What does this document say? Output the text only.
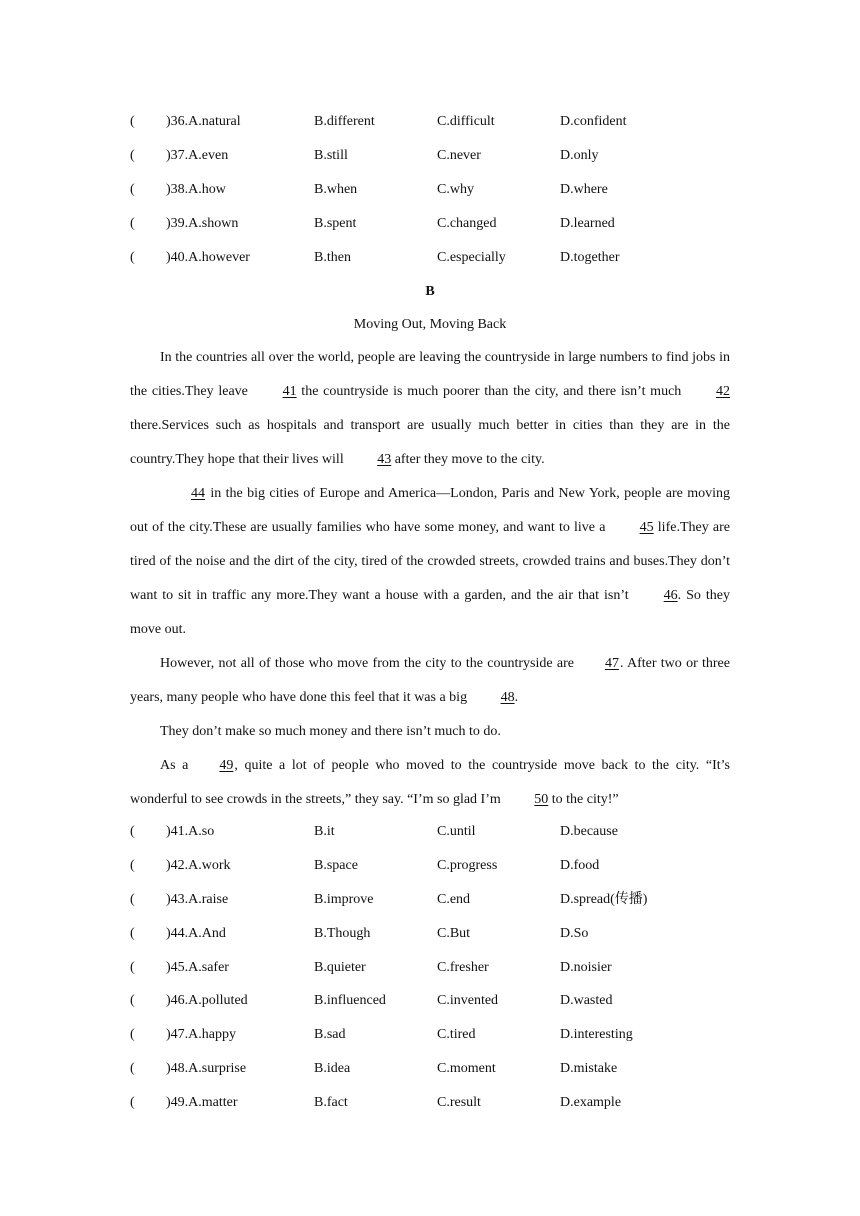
( )36.A.natural	B.different	C.difficult	D.confident
( )37.A.even	B.still	C.never	D.only
( )38.A.how	B.when	C.why	D.where
( )39.A.shown	B.spent	C.changed	D.learned
( )40.A.however	B.then	C.especially	D.together
B
Moving Out, Moving Back

In the countries all over the world, people are leaving the countryside in large numbers to find jobs in the cities.They leave 41 the countryside is much poorer than the city, and there isn’t much 42 there.Services such as hospitals and transport are usually much better in cities than they are in the country.They hope that their lives will 43 after they move to the city.

44 in the big cities of Europe and America—London, Paris and New York, people are moving out of the city.These are usually families who have some money, and want to live a 45 life.They are tired of the noise and the dirt of the city, tired of the crowded streets, crowded trains and buses.They don’t want to sit in traffic any more.They want a house with a garden, and the air that isn’t 46. So they move out.

However, not all of those who move from the city to the countryside are 47. After two or three years, many people who have done this feel that it was a big 48.

They don’t make so much money and there isn’t much to do.

As a 49, quite a lot of people who moved to the countryside move back to the city. “It’s wonderful to see crowds in the streets,” they say. “I’m so glad I’m 50 to the city!”

( )41.A.so	B.it	C.until	D.because
( )42.A.work	B.space	C.progress	D.food
( )43.A.raise	B.improve	C.end	D.spread(传播)
( )44.A.And	B.Though	C.But	D.So
( )45.A.safer	B.quieter	C.fresher	D.noisier
( )46.A.polluted	B.influenced	C.invented	D.wasted
( )47.A.happy	B.sad	C.tired	D.interesting
( )48.A.surprise	B.idea	C.moment	D.mistake
( )49.A.matter	B.fact	C.result	D.example
